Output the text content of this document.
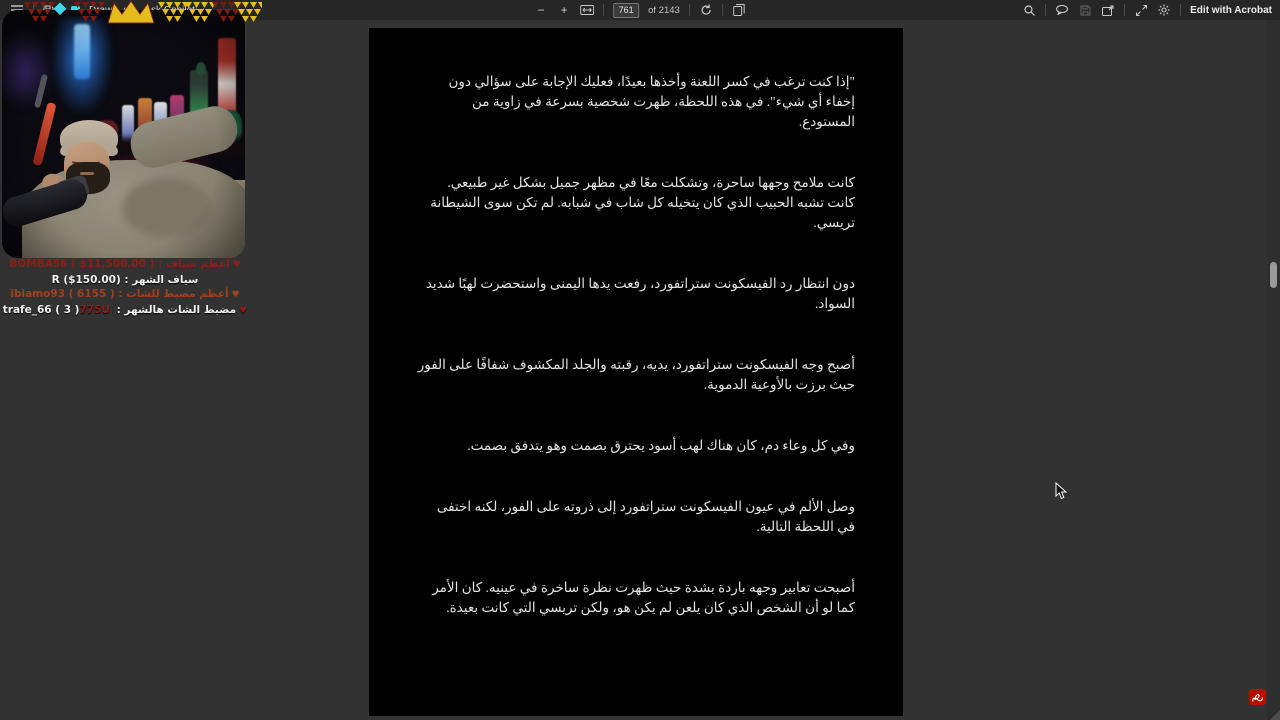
− +
761	of 2143	Edit with Acrobat

"إذا كنت ترغب في كسر اللعنة وأخذها بعيدًا، فعليك الإجابة على سؤالي دون إخفاء أي شيء". في هذه اللحظة، ظهرت شخصية بسرعة في زاوية من المستودع.

كانت ملامح وجهها ساحرة، وتشكلت معًا في مظهر جميل بشكل غير طبيعي. كانت تشبه الحبيب الذي كان يتخيله كل شاب في شبابه. لم تكن سوى الشيطانة تريسي.

دون انتظار رد الفيسكونت ستراتفورد، رفعت يدها اليمنى واستحضرت لهبًا شديد السواد.

أصبح وجه الفيسكونت ستراتفورد، يديه، رقبته والجلد المكشوف شفافًا على الفور حيث برزت بالأوعية الدموية.

وفي كل وعاء دم، كان هناك لهب أسود يحترق بصمت وهو يتدفق بصمت.

وصل الألم في عيون الفيسكونت ستراتفورد إلى ذروته على الفور، لكنه اختفى في اللحظة التالية.

أصبحت تعابير وجهه باردة بشدة حيث ظهرت نظرة ساخرة في عينيه. كان الأمر كما لو أن الشخص الذي كان يلعن لم يكن هو، ولكن تريسي التي كانت بعيدة.

♥أعظم سياف : BOMBA56 ( $11,500.00 )
سياف الشهر : R ($150.00)
♥أعظم مضبط للشات : ibiamo93 ( 6155 )
♥مضبط الشات هالشهر : trafe_66 ( 3 )775U
